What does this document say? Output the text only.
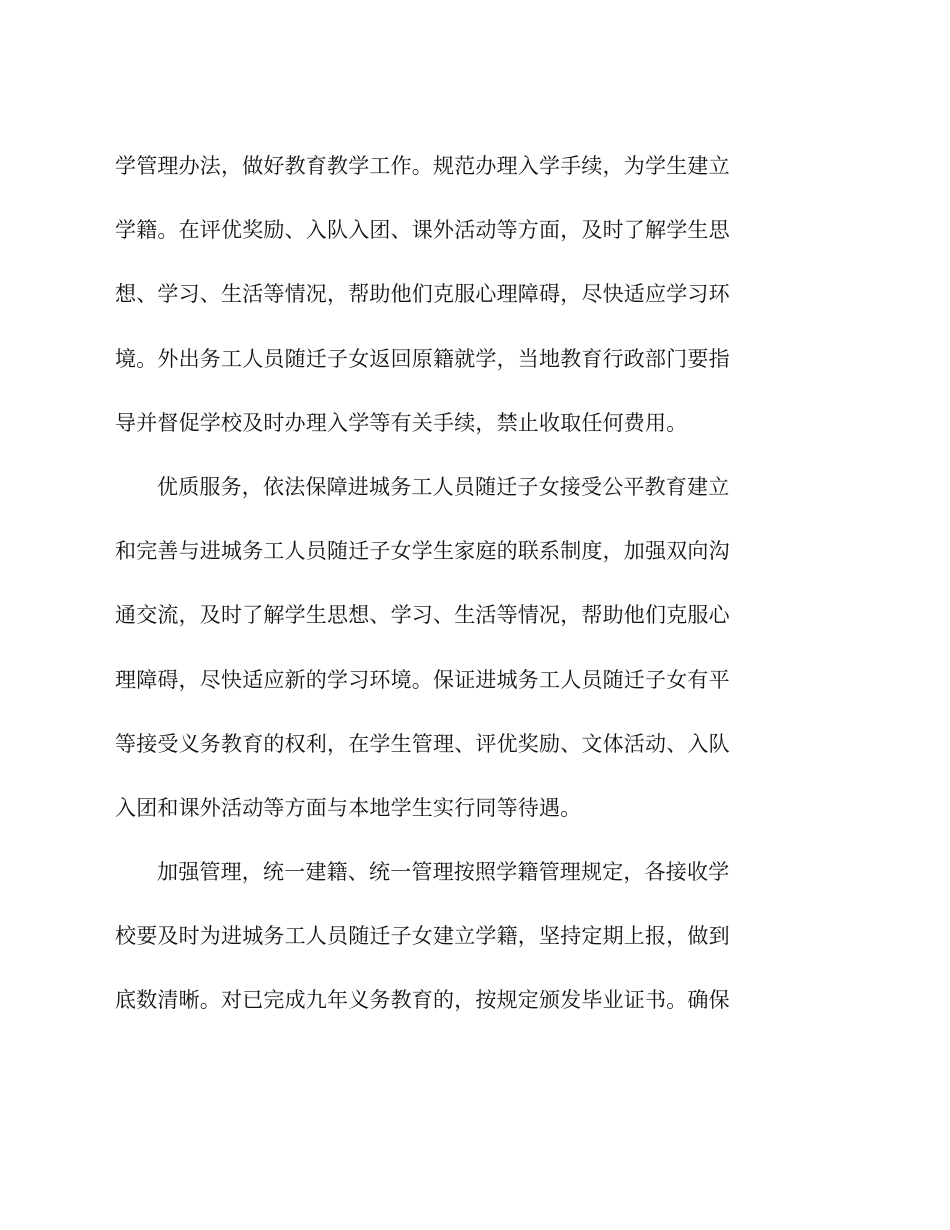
学管理办法，做好教育教学工作。规范办理入学手续，为学生建立
学籍。在评优奖励、入队入团、课外活动等方面，及时了解学生思
想、学习、生活等情况，帮助他们克服心理障碍，尽快适应学习环
境。外出务工人员随迁子女返回原籍就学，当地教育行政部门要指
导并督促学校及时办理入学等有关手续，禁止收取任何费用。
优质服务，依法保障进城务工人员随迁子女接受公平教育建立
和完善与进城务工人员随迁子女学生家庭的联系制度，加强双向沟
通交流，及时了解学生思想、学习、生活等情况，帮助他们克服心
理障碍，尽快适应新的学习环境。保证进城务工人员随迁子女有平
等接受义务教育的权利，在学生管理、评优奖励、文体活动、入队
入团和课外活动等方面与本地学生实行同等待遇。
加强管理，统一建籍、统一管理按照学籍管理规定，各接收学
校要及时为进城务工人员随迁子女建立学籍，坚持定期上报，做到
底数清晰。对已完成九年义务教育的，按规定颁发毕业证书。确保
